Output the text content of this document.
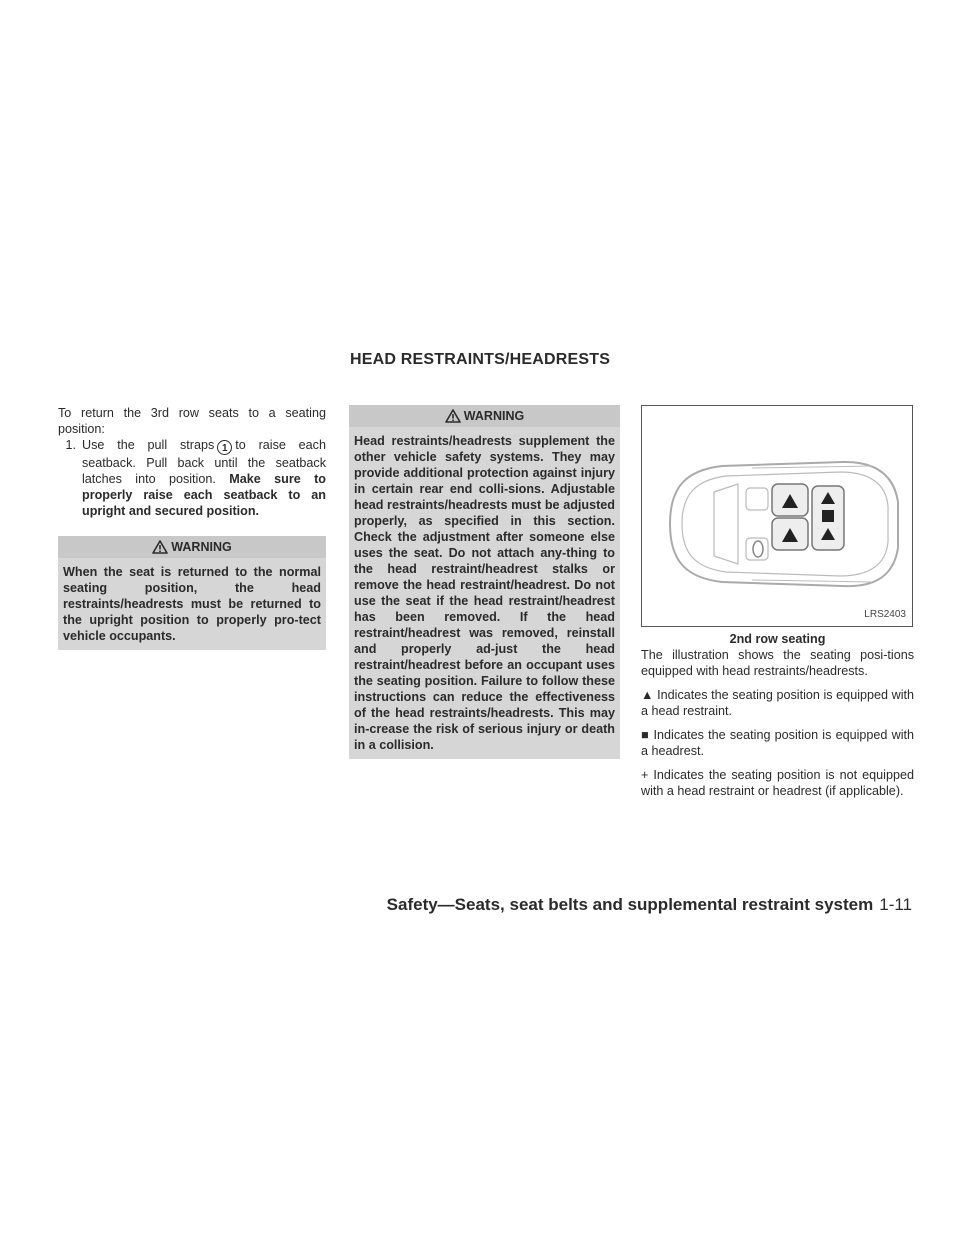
HEAD RESTRAINTS/HEADRESTS

To return the 3rd row seats to a seating position:

1. Use the pull straps 1 to raise each seatback. Pull back until the seatback latches into position. Make sure to properly raise each seatback to an upright and secured position.
WARNING
When the seat is returned to the normal seating position, the head restraints/headrests must be returned to the upright position to properly pro-tect vehicle occupants.
WARNING
Head restraints/headrests supplement the other vehicle safety systems. They may provide additional protection against injury in certain rear end colli-sions. Adjustable head restraints/headrests must be adjusted properly, as specified in this section. Check the adjustment after someone else uses the seat. Do not attach any-thing to the head restraint/headrest stalks or remove the head restraint/headrest. Do not use the seat if the head restraint/headrest has been removed. If the head restraint/headrest was removed, reinstall and properly ad-just the head restraint/headrest before an occupant uses the seating position. Failure to follow these instructions can reduce the effectiveness of the head restraints/headrests. This may in-crease the risk of serious injury or death in a collision.
LRS2403
2nd row seating

The illustration shows the seating posi-tions equipped with head restraints/headrests.

▲ Indicates the seating position is equipped with a head restraint.

■ Indicates the seating position is equipped with a headrest.

+ Indicates the seating position is not equipped with a head restraint or headrest (if applicable).

Safety—Seats, seat belts and supplemental restraint system 1-11
